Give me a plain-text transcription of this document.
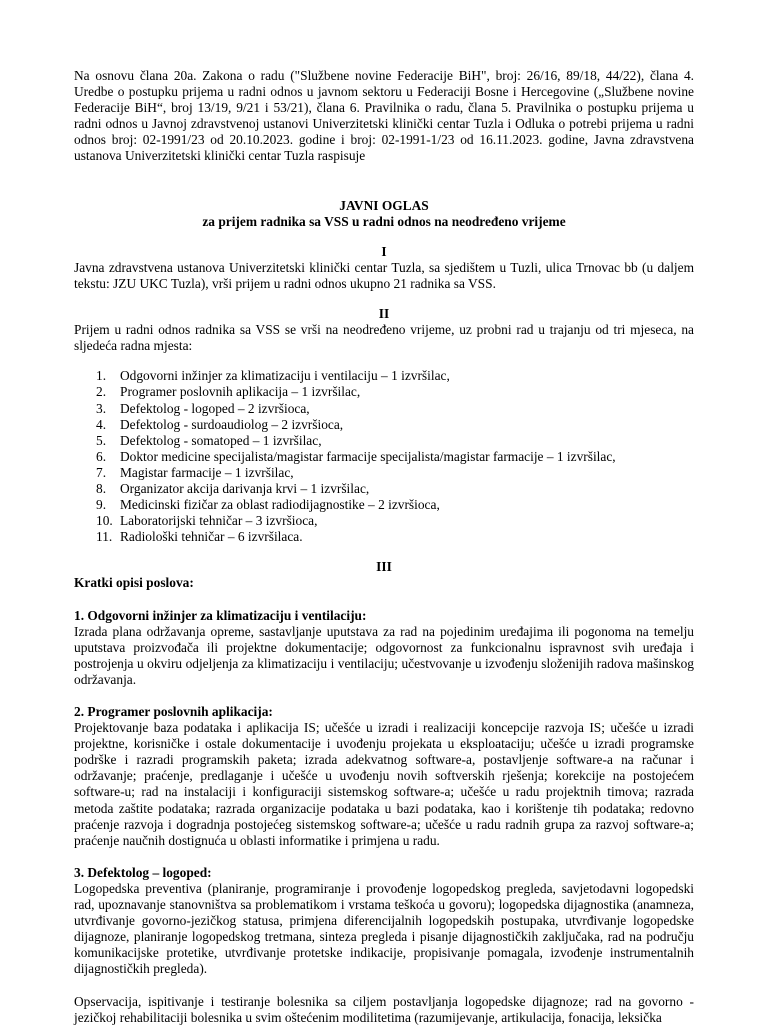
Na osnovu člana 20a. Zakona o radu ("Službene novine Federacije BiH", broj: 26/16, 89/18, 44/22), člana 4. Uredbe o postupku prijema u radni odnos u javnom sektoru u Federaciji Bosne i Hercegovine („Službene novine Federacije BiH“, broj 13/19, 9/21 i 53/21), člana 6. Pravilnika o radu, člana 5. Pravilnika o postupku prijema u radni odnos u Javnoj zdravstvenoj ustanovi Univerzitetski klinički centar Tuzla i Odluka o potrebi prijema u radni odnos broj: 02-1991/23 od 20.10.2023. godine i broj: 02-1991-1/23 od 16.11.2023. godine, Javna zdravstvena ustanova Univerzitetski klinički centar Tuzla raspisuje

JAVNI OGLAS
za prijem radnika sa VSS u radni odnos na neodređeno vrijeme
I

Javna zdravstvena ustanova Univerzitetski klinički centar Tuzla, sa sjedištem u Tuzli, ulica Trnovac bb (u daljem tekstu: JZU UKC Tuzla), vrši prijem u radni odnos ukupno 21 radnika sa VSS.

II

Prijem u radni odnos radnika sa VSS se vrši na neodređeno vrijeme, uz probni rad u trajanju od tri mjeseca, na sljedeća radna mjesta:

1.	Odgovorni inžinjer za klimatizaciju i ventilaciju – 1 izvršilac,
2.	Programer poslovnih aplikacija – 1 izvršilac,
3.	Defektolog - logoped – 2 izvršioca,
4.	Defektolog - surdoaudiolog – 2 izvršioca,
5.	Defektolog - somatoped – 1 izvršilac,
6.	Doktor medicine specijalista/magistar farmacije specijalista/magistar farmacije – 1 izvršilac,
7.	Magistar farmacije – 1 izvršilac,
8.	Organizator akcija darivanja krvi – 1 izvršilac,
9.	Medicinski fizičar za oblast radiodijagnostike – 2 izvršioca,
10. Laboratorijski tehničar – 3 izvršioca,
11. Radiološki tehničar – 6 izvršilaca.
III
Kratki opisi poslova:
1. Odgovorni inžinjer za klimatizaciju i ventilaciju:

Izrada plana održavanja opreme, sastavljanje uputstava za rad na pojedinim uređajima ili pogonoma na temelju uputstava proizvođača ili projektne dokumentacije; odgovornost za funkcionalnu ispravnost svih uređaja i postrojenja u okviru odjeljenja za klimatizaciju i ventilaciju; učestvovanje u izvođenju složenijih radova mašinskog održavanja.

2. Programer poslovnih aplikacija:

Projektovanje baza podataka i aplikacija IS; učešće u izradi i realizaciji koncepcije razvoja IS; učešće u izradi projektne, korisničke i ostale dokumentacije i uvođenju projekata u eksploataciju; učešće u izradi programske podrške i razradi programskih paketa; izrada adekvatnog software-a, postavljenje software-a na računar i održavanje; praćenje, predlaganje i učešće u uvođenju novih softverskih rješenja; korekcije na postojećem software-u; rad na instalaciji i konfiguraciji sistemskog software-a; učešće u radu projektnih timova; razrada metoda zaštite podataka; razrada organizacije podataka u bazi podataka, kao i korištenje tih podataka; redovno praćenje razvoja i dogradnja postojećeg sistemskog software-a; učešće u radu radnih grupa za razvoj software-a; praćenje naučnih dostignuća u oblasti informatike i primjena u radu.

3. Defektolog – logoped:

Logopedska preventiva (planiranje, programiranje i provođenje logopedskog pregleda, savjetodavni logopedski rad, upoznavanje stanovništva sa problematikom i vrstama teškoća u govoru); logopedska dijagnostika (anamneza, utvrđivanje govorno-jezičkog statusa, primjena diferencijalnih logopedskih postupaka, utvrđivanje logopedske dijagnoze, planiranje logopedskog tretmana, sinteza pregleda i pisanje dijagnostičkih zaključaka, rad na području komunikacijske protetike, utvrđivanje protetske indikacije, propisivanje pomagala, izvođenje instrumentalnih dijagnostičkih pregleda).

Opservacija, ispitivanje i testiranje bolesnika sa ciljem postavljanja logopedske dijagnoze; rad na govorno - jezičkoj rehabilitaciji bolesnika u svim oštećenim modilitetima (razumijevanje, artikulacija, fonacija, leksička
